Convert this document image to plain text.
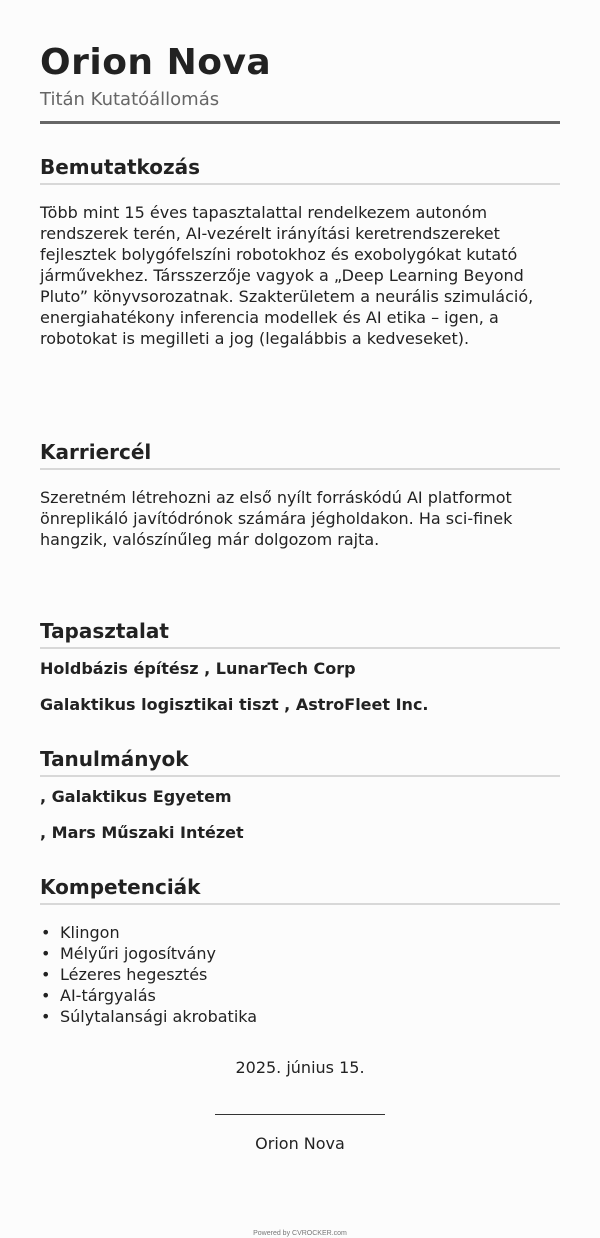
Orion Nova
Titán Kutatóállomás
Bemutatkozás
Több mint 15 éves tapasztalattal rendelkezem autonóm rendszerek terén, AI-vezérelt irányítási keretrendszereket fejlesztek bolygófelszíni robotokhoz és exobolygókat kutató járművekhez. Társszerzője vagyok a „Deep Learning Beyond Pluto” könyvsorozatnak. Szakterületem a neurális szimuláció, energiahatékony inferencia modellek és AI etika – igen, a robotokat is megilleti a jog (legalábbis a kedveseket).
Karriercél
Szeretném létrehozni az első nyílt forráskódú AI platformot önreplikáló javítódrónok számára jégholdakon. Ha sci-finek hangzik, valószínűleg már dolgozom rajta.
Tapasztalat
Holdbázis építész , LunarTech Corp
Galaktikus logisztikai tiszt , AstroFleet Inc.
Tanulmányok
, Galaktikus Egyetem
, Mars Műszaki Intézet
Kompetenciák
• Klingon
• Mélyűri jogosítvány
• Lézeres hegesztés
• AI-tárgyalás
• Súlytalansági akrobatika
2025. június 15.
Orion Nova
Powered by CVROCKER.com
